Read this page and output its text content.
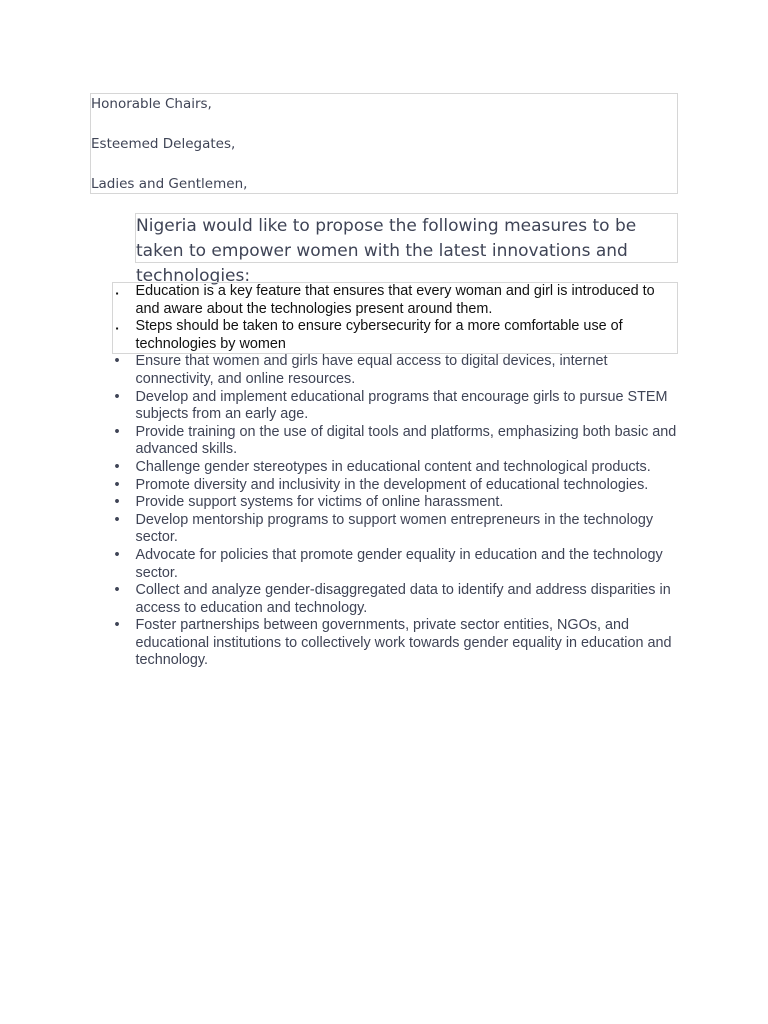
Honorable Chairs,
Esteemed Delegates,
Ladies and Gentlemen,
Nigeria would like to propose the following measures to be taken to empower women with the latest innovations and technologies:
▪
Education is a key feature that ensures that every woman and girl is introduced to and aware about the technologies present around them.
▪
Steps should be taken to ensure cybersecurity for a more comfortable use of technologies by women
•
Ensure that women and girls have equal access to digital devices, internet connectivity, and online resources.
•
Develop and implement educational programs that encourage girls to pursue STEM subjects from an early age.
•
Provide training on the use of digital tools and platforms, emphasizing both basic and advanced skills.
•
Challenge gender stereotypes in educational content and technological products.
•
Promote diversity and inclusivity in the development of educational technologies.
•
Provide support systems for victims of online harassment.
•
Develop mentorship programs to support women entrepreneurs in the technology sector.
•
Advocate for policies that promote gender equality in education and the technology sector.
•
Collect and analyze gender-disaggregated data to identify and address disparities in access to education and technology.
•
Foster partnerships between governments, private sector entities, NGOs, and educational institutions to collectively work towards gender equality in education and technology.
